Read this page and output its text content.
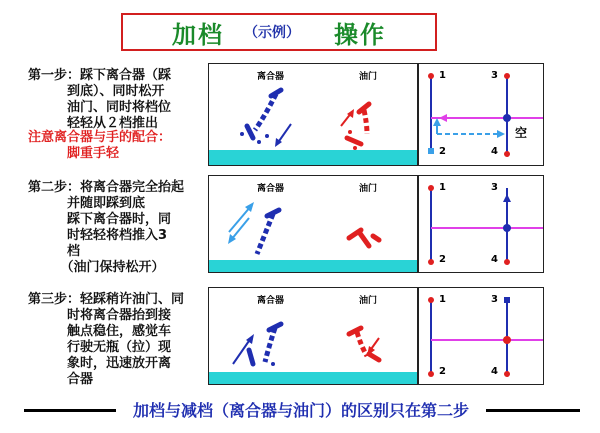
加档 （示例） 操作
第一步：踩下离合器（踩
　　　到底）、同时松开
　　　油门、同时将档位
　　　轻轻从２档推出
注意离合器与手的配合：
　　　脚重手轻
第二步：将离合器完全抬起
　　　并随即踩到底
　　　踩下离合器时，同
　　　时轻轻将档推入3
　　　档
　　　（油门保持松开）
第三步：轻踩稍许油门、同
　　　时将离合器抬到接
　　　触点稳住，感觉车
　　　行驶无瓶（拉）现
　　　象时，迅速放开离
　　　合器
离合器	油门	1	3
2	4
空
离合器	油门	1	3
2	4
离合器	油门	1	3
2	4
加档与减档（离合器与油门）的区别只在第二步
